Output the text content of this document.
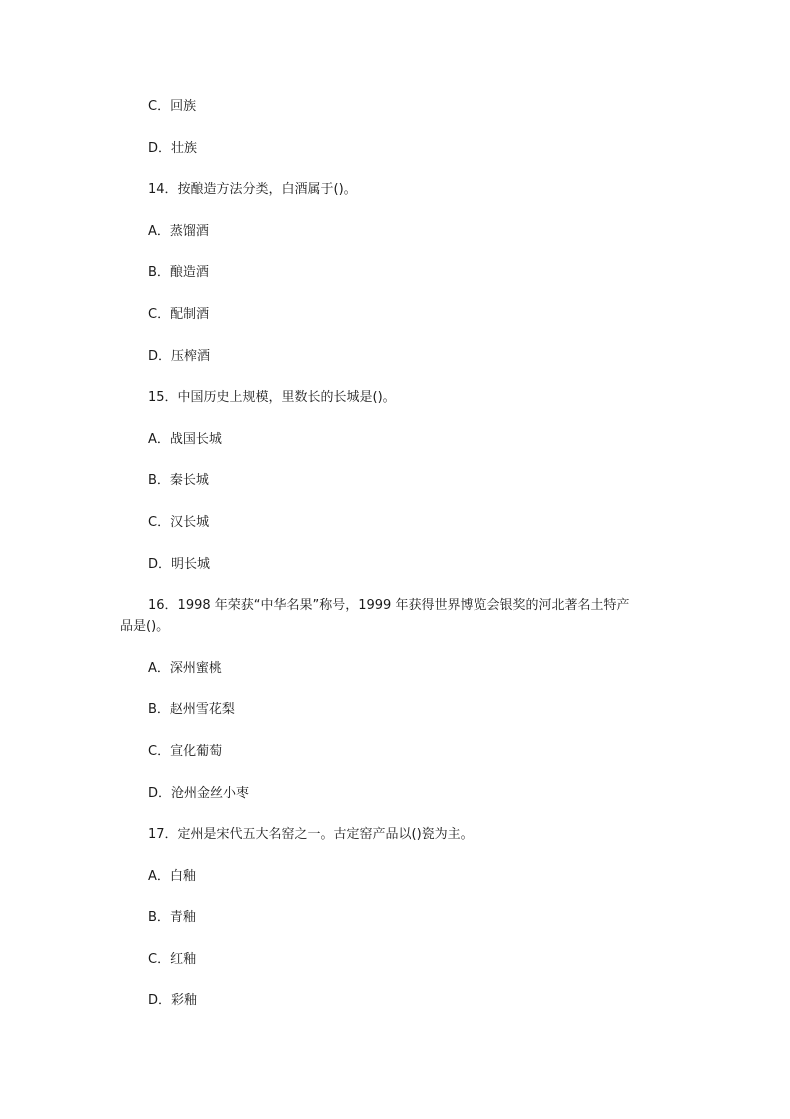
C．回族
D．壮族
14．按酿造方法分类，白酒属于()。
A．蒸馏酒
B．酿造酒
C．配制酒
D．压榨酒
15．中国历史上规模，里数长的长城是()。
A．战国长城
B．秦长城
C．汉长城
D．明长城
16．1998 年荣获“中华名果”称号，1999 年获得世界博览会银奖的河北著名土特产
品是()。
A．深州蜜桃
B．赵州雪花梨
C．宣化葡萄
D．沧州金丝小枣
17．定州是宋代五大名窑之一。古定窑产品以()瓷为主。
A．白釉
B．青釉
C．红釉
D．彩釉
